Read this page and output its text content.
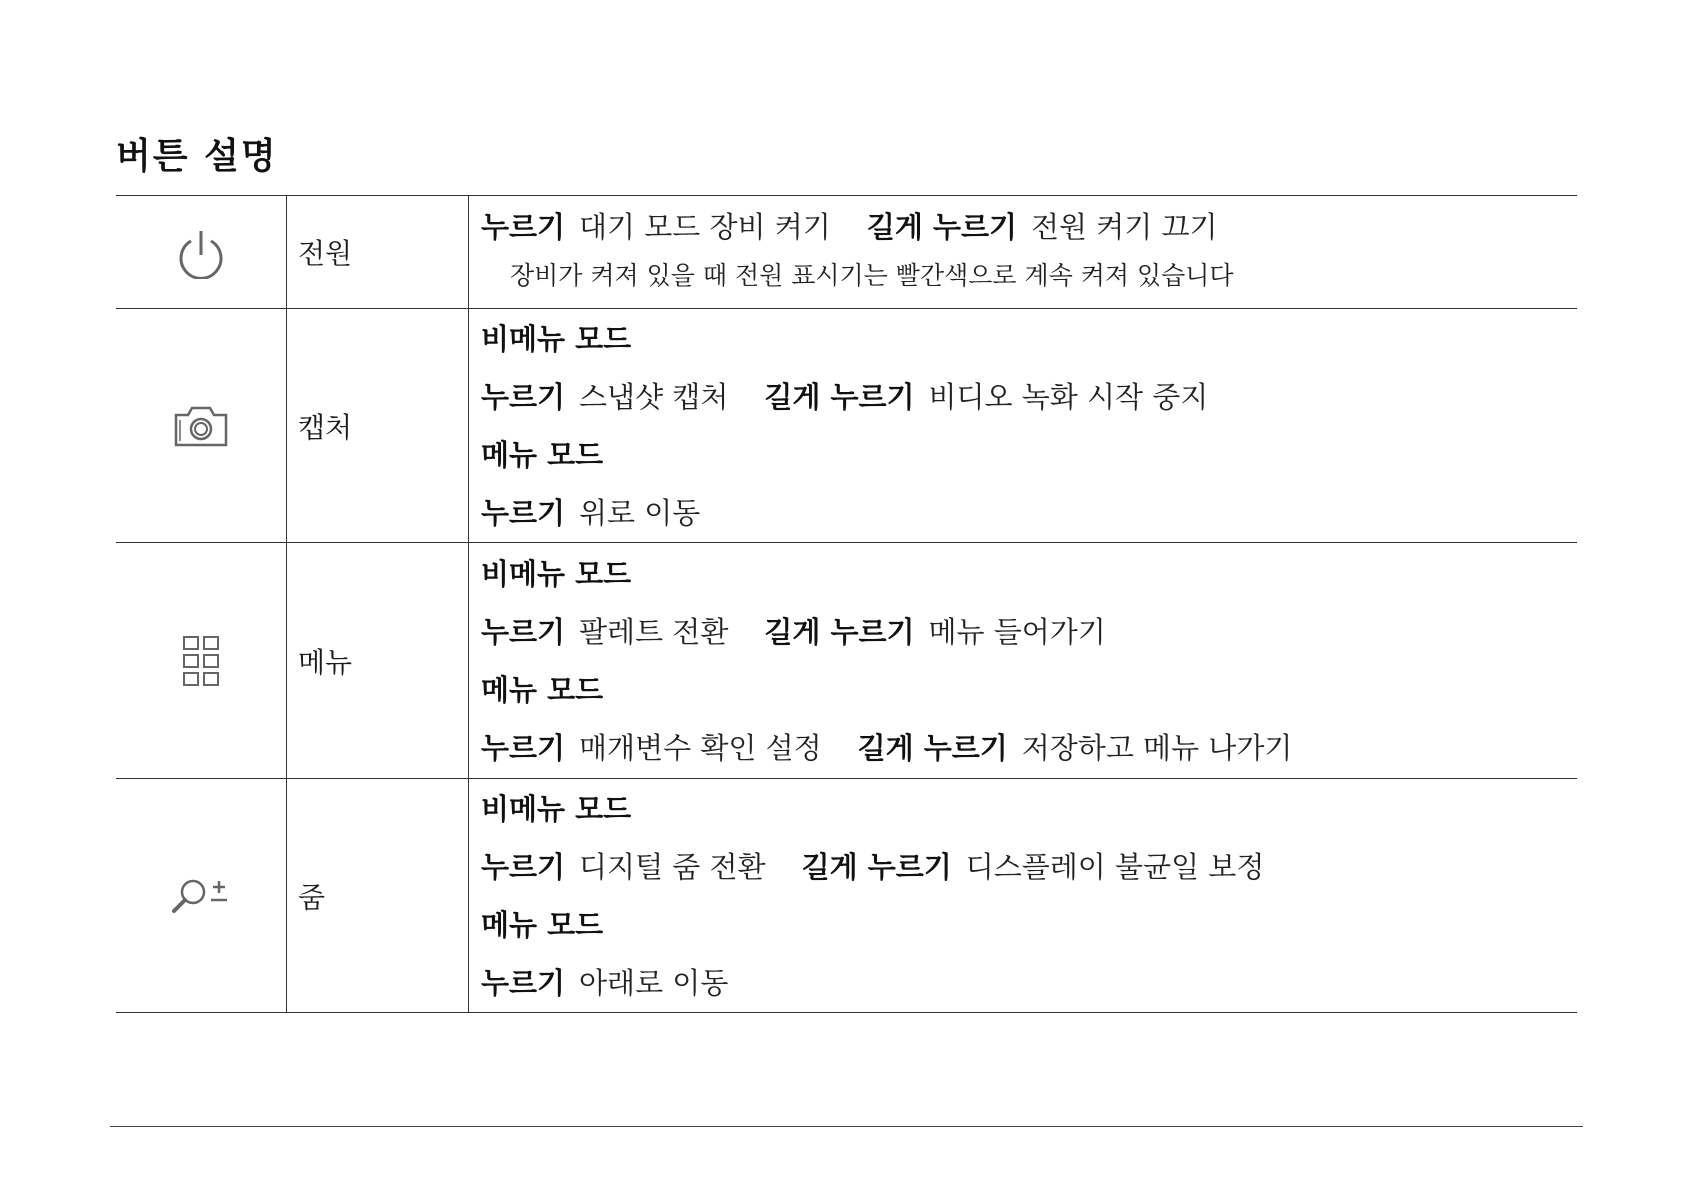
버튼 설명
	전원	누르기 대기 모드 장비 켜기 길게 누르기 전원 켜기 끄기
장비가 켜져 있을 때 전원 표시기는 빨간색으로 계속 켜져 있습니다

	캡처	비메뉴 모드
누르기 스냅샷 캡처 길게 누르기 비디오 녹화 시작 중지
메뉴 모드
누르기 위로 이동

	메뉴	비메뉴 모드
누르기 팔레트 전환 길게 누르기 메뉴 들어가기
메뉴 모드
누르기 매개변수 확인 설정 길게 누르기 저장하고 메뉴 나가기

	줌	비메뉴 모드
누르기 디지털 줌 전환 길게 누르기 디스플레이 불균일 보정
메뉴 모드
누르기 아래로 이동
